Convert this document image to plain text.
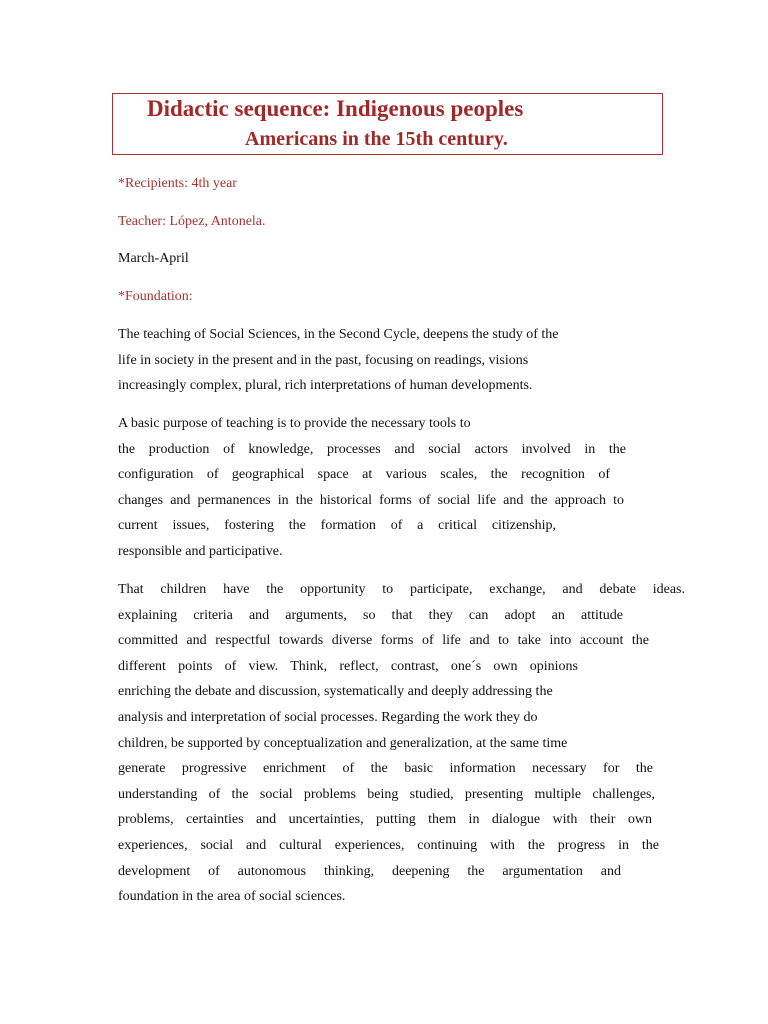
Didactic sequence: Indigenous peoples
Americans in the 15th century.
*Recipients: 4th year
Teacher: López, Antonela.
March-April
*Foundation:
The teaching of Social Sciences, in the Second Cycle, deepens the study of the
life in society in the present and in the past, focusing on readings, visions
increasingly complex, plural, rich interpretations of human developments.
A basic purpose of teaching is to provide the necessary tools to
the production of knowledge, processes and social actors involved in the
configuration of geographical space at various scales, the recognition of
changes and permanences in the historical forms of social life and the approach to
current issues, fostering the formation of a critical citizenship,
responsible and participative.
That children have the opportunity to participate, exchange, and debate ideas.
explaining criteria and arguments, so that they can adopt an attitude
committed and respectful towards diverse forms of life and to take into account the
different points of view. Think, reflect, contrast, one´s own opinions
enriching the debate and discussion, systematically and deeply addressing the
analysis and interpretation of social processes. Regarding the work they do
children, be supported by conceptualization and generalization, at the same time
generate progressive enrichment of the basic information necessary for the
understanding of the social problems being studied, presenting multiple challenges,
problems, certainties and uncertainties, putting them in dialogue with their own
experiences, social and cultural experiences, continuing with the progress in the
development of autonomous thinking, deepening the argumentation and
foundation in the area of social sciences.
